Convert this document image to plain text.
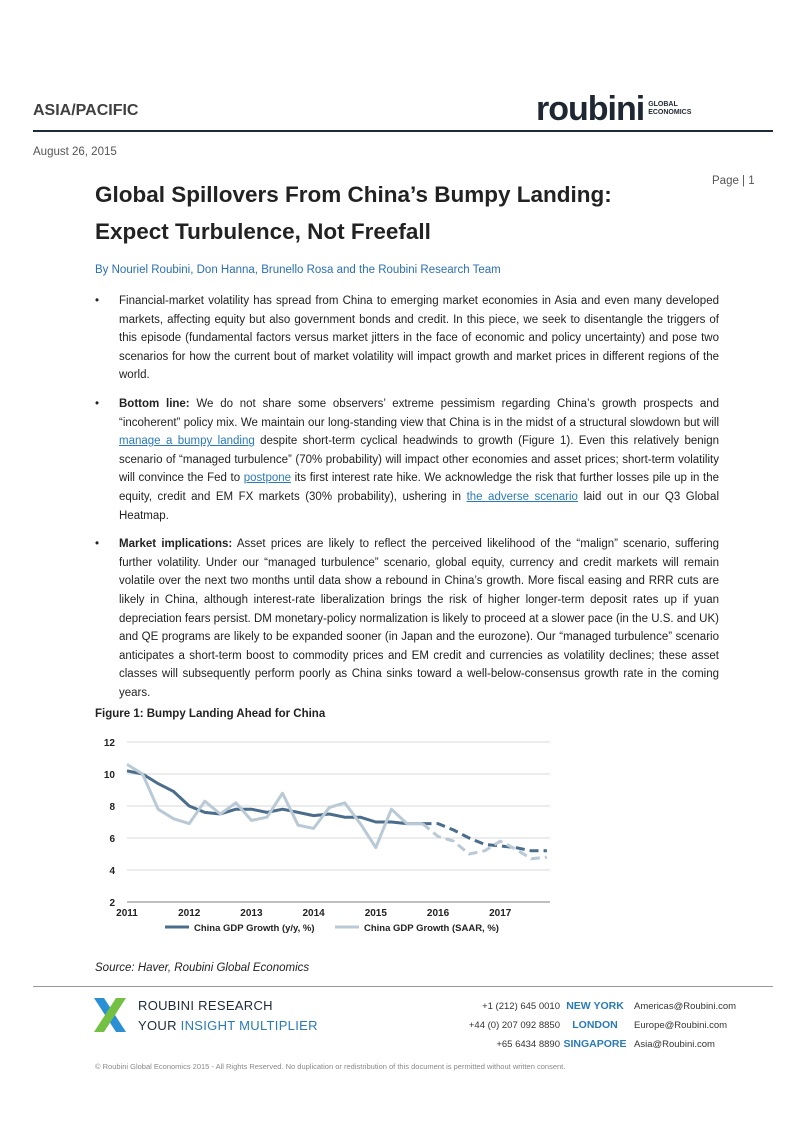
ASIA/PACIFIC	roubini GLOBAL
ECONOMICS
August 26, 2015
Page | 1
Global Spillovers From China’s Bumpy Landing:
Expect Turbulence, Not Freefall
By Nouriel Roubini, Don Hanna, Brunello Rosa and the Roubini Research Team
• Financial-market volatility has spread from China to emerging market economies in Asia and even many developed markets, affecting equity but also government bonds and credit. In this piece, we seek to disentangle the triggers of this episode (fundamental factors versus market jitters in the face of economic and policy uncertainty) and pose two scenarios for how the current bout of market volatility will impact growth and market prices in different regions of the world.
• Bottom line: We do not share some observers’ extreme pessimism regarding China’s growth prospects and “incoherent” policy mix. We maintain our long-standing view that China is in the midst of a structural slowdown but will manage a bumpy landing despite short-term cyclical headwinds to growth (Figure 1). Even this relatively benign scenario of “managed turbulence” (70% probability) will impact other economies and asset prices; short-term volatility will convince the Fed to postpone its first interest rate hike. We acknowledge the risk that further losses pile up in the equity, credit and EM FX markets (30% probability), ushering in the adverse scenario laid out in our Q3 Global Heatmap.
• Market implications: Asset prices are likely to reflect the perceived likelihood of the “malign” scenario, suffering further volatility. Under our “managed turbulence” scenario, global equity, currency and credit markets will remain volatile over the next two months until data show a rebound in China’s growth. More fiscal easing and RRR cuts are likely in China, although interest-rate liberalization brings the risk of higher longer-term deposit rates up if yuan depreciation fears persist. DM monetary-policy normalization is likely to proceed at a slower pace (in the U.S. and UK) and QE programs are likely to be expanded sooner (in Japan and the eurozone). Our “managed turbulence” scenario anticipates a short-term boost to commodity prices and EM credit and currencies as volatility declines; these asset classes will subsequently perform poorly as China sinks toward a well-below-consensus growth rate in the coming years.
Figure 1: Bumpy Landing Ahead for China
2
4
6
8
10
12
2011	2012	2013	2014	2015	2016	2017
China GDP Growth (y/y, %)	China GDP Growth (SAAR, %)
Source: Haver, Roubini Global Economics
ROUBINI RESEARCH
YOUR INSIGHT MULTIPLIER
+1 (212) 645 0010 NEW YORK	Americas@Roubini.com
+44 (0) 207 092 8850	LONDON	Europe@Roubini.com
+65 6434 8890 SINGAPORE Asia@Roubini.com
© Roubini Global Economics 2015 - All Rights Reserved. No duplication or redistribution of this document is permitted without written consent.
